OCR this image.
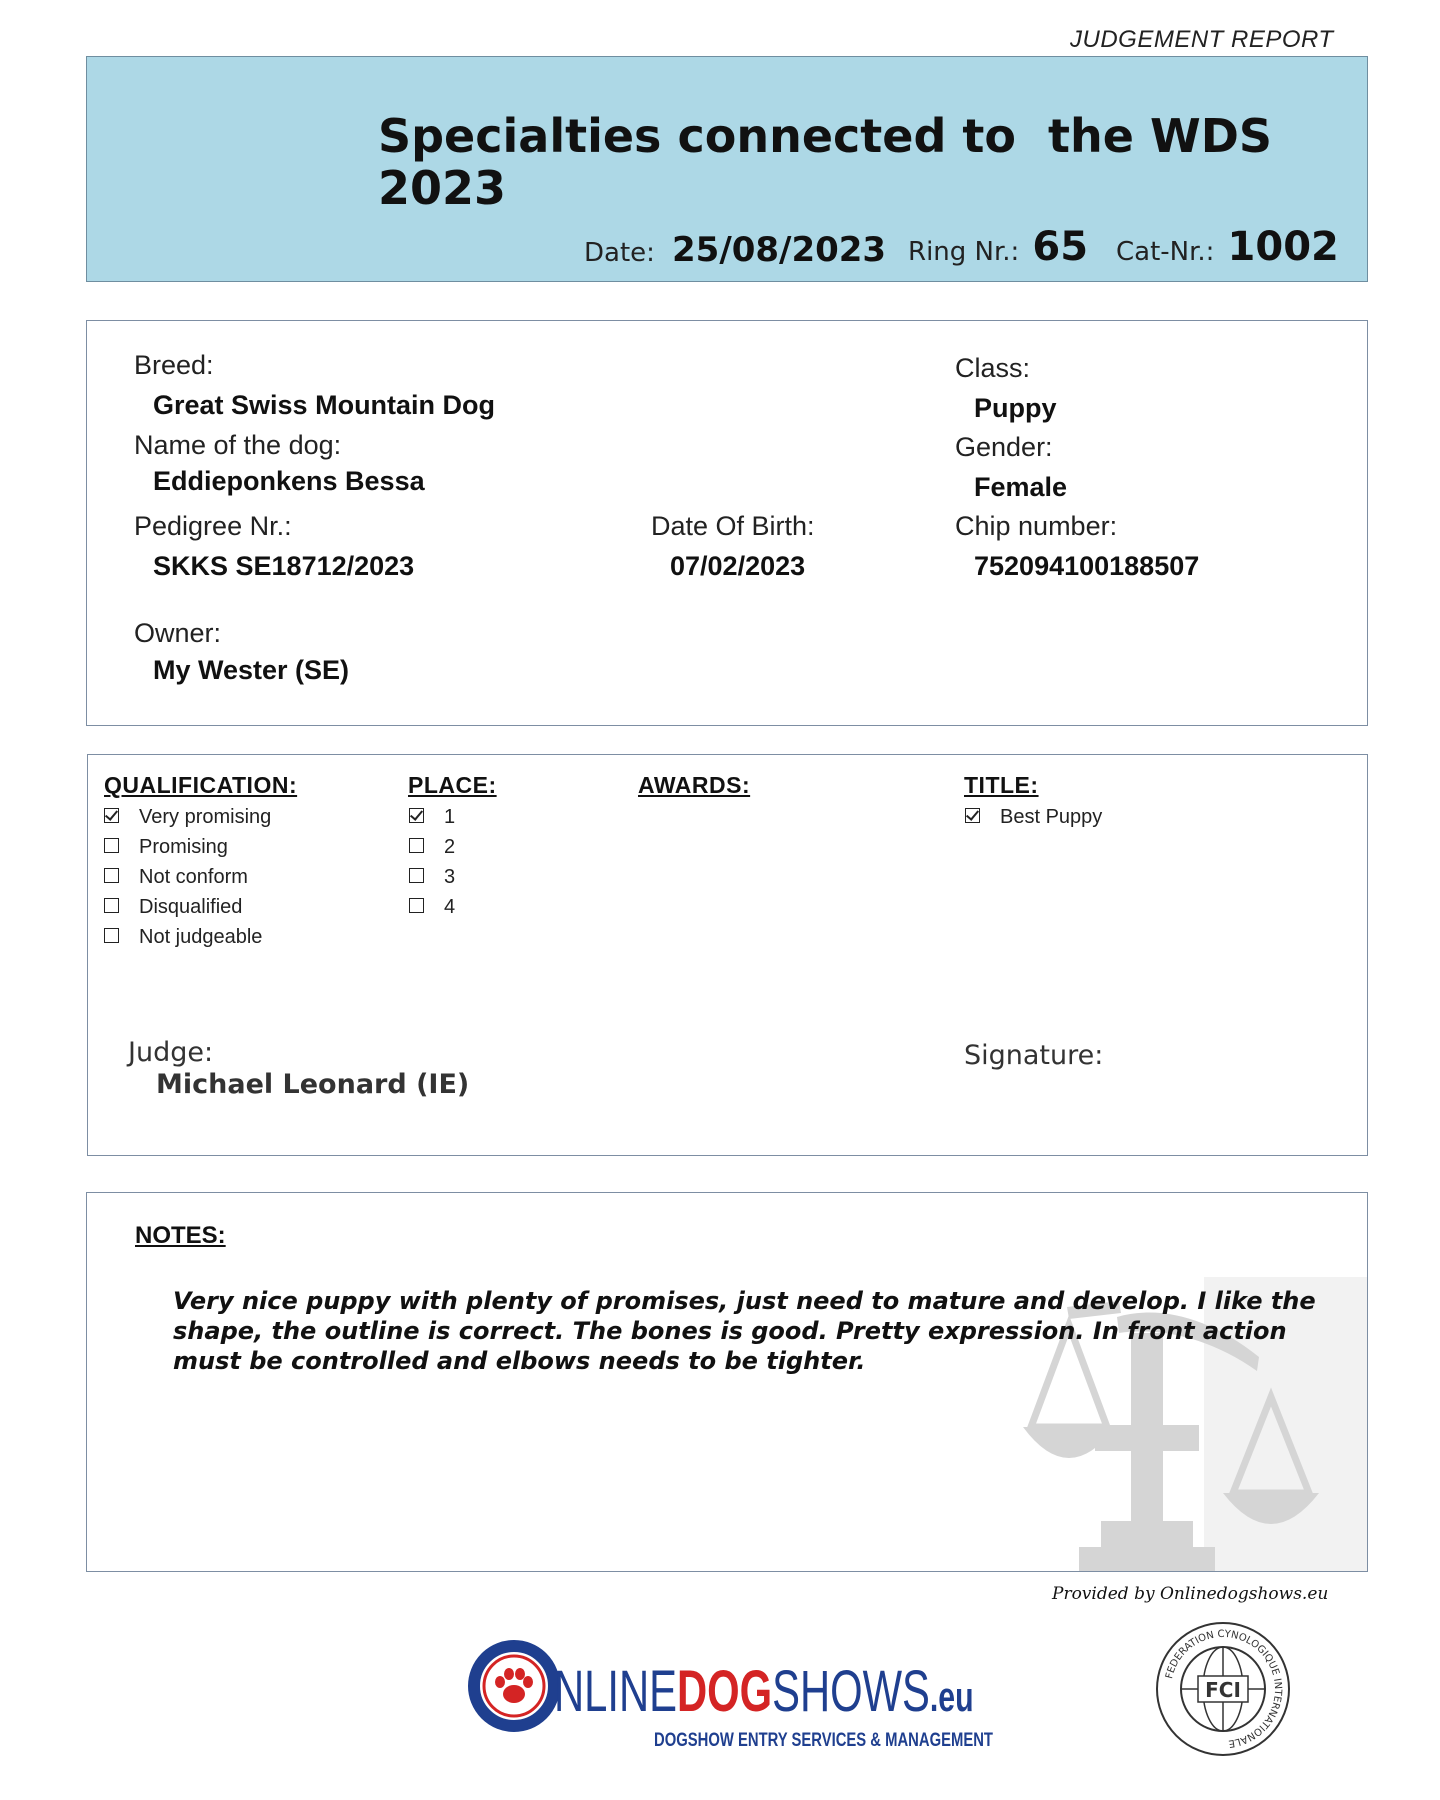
JUDGEMENT REPORT
Specialties connected to  the WDS
2023
Date: 25/08/2023 Ring Nr.: 65 Cat-Nr.: 1002
Breed:
Great Swiss Mountain Dog
Name of the dog:
Eddieponkens Bessa
Pedigree Nr.:
SKKS SE18712/2023
Owner:
My Wester (SE)
Date Of Birth:
07/02/2023
Class:
Puppy
Gender:
Female
Chip number:
752094100188507
QUALIFICATION:
Very promising
Promising
Not conform
Disqualified
Not judgeable
PLACE:
1
2
3
4
AWARDS:	TITLE:
Best Puppy
Judge:
Michael Leonard (IE)
Signature:
NOTES:
Very nice puppy with plenty of promises, just need to mature and develop. I like the shape, the outline is correct. The bones is good. Pretty expression. In front action must be controlled and elbows needs to be tighter.
Provided by Onlinedogshows.eu
NLINEDOGSHOWS.eu
DOGSHOW ENTRY SERVICES & MANAGEMENT
FCI
FEDERATION CYNOLOGIQUE INTERNATIONALE
